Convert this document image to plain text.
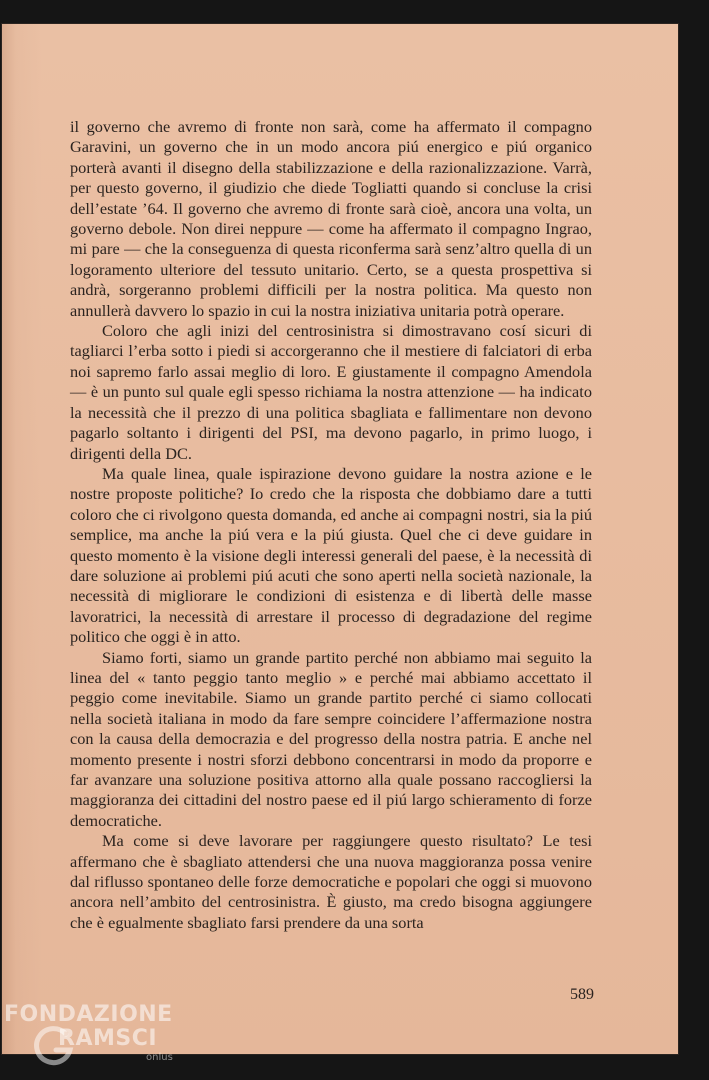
il governo che avremo di fronte non sarà, come ha affermato il compagno Garavini, un governo che in un modo ancora piú energico e piú organico porterà avanti il disegno della stabilizzazione e della razionalizzazione. Varrà, per questo governo, il giudizio che diede Togliatti quando si concluse la crisi dell’estate ’64. Il governo che avremo di fronte sarà cioè, ancora una volta, un governo debole. Non direi neppure — come ha affermato il compagno Ingrao, mi pare — che la conseguenza di questa riconferma sarà senz’altro quella di un logoramento ulteriore del tessuto unitario. Certo, se a questa prospettiva si andrà, sorgeranno problemi difficili per la nostra politica. Ma questo non annullerà davvero lo spazio in cui la nostra iniziativa unitaria potrà operare.

Coloro che agli inizi del centrosinistra si dimostravano cosí sicuri di tagliarci l’erba sotto i piedi si accorgeranno che il mestiere di falciatori di erba noi sapremo farlo assai meglio di loro. E giustamente il compagno Amendola — è un punto sul quale egli spesso richiama la nostra attenzione — ha indicato la necessità che il prezzo di una politica sbagliata e fallimentare non devono pagarlo soltanto i dirigenti del PSI, ma devono pagarlo, in primo luogo, i dirigenti della DC.

Ma quale linea, quale ispirazione devono guidare la nostra azione e le nostre proposte politiche? Io credo che la risposta che dobbiamo dare a tutti coloro che ci rivolgono questa domanda, ed anche ai compagni nostri, sia la piú semplice, ma anche la piú vera e la piú giusta. Quel che ci deve guidare in questo momento è la visione degli interessi generali del paese, è la necessità di dare soluzione ai problemi piú acuti che sono aperti nella società nazionale, la necessità di migliorare le condizioni di esistenza e di libertà delle masse lavoratrici, la necessità di arrestare il processo di degradazione del regime politico che oggi è in atto.

Siamo forti, siamo un grande partito perché non abbiamo mai seguito la linea del « tanto peggio tanto meglio » e perché mai abbiamo accettato il peggio come inevitabile. Siamo un grande partito perché ci siamo collocati nella società italiana in modo da fare sempre coincidere l’affermazione nostra con la causa della democrazia e del progresso della nostra patria. E anche nel momento presente i nostri sforzi debbono concentrarsi in modo da proporre e far avanzare una soluzione positiva attorno alla quale possano raccogliersi la maggioranza dei cittadini del nostro paese ed il piú largo schieramento di forze democratiche.

Ma come si deve lavorare per raggiungere questo risultato? Le tesi affermano che è sbagliato attendersi che una nuova maggioranza possa venire dal riflusso spontaneo delle forze democratiche e popolari che oggi si muovono ancora nell’ambito del centrosinistra. È giusto, ma credo bisogna aggiungere che è egualmente sbagliato farsi prendere da una sorta

589
FONDAZIONE
RAMSCI
onlus
